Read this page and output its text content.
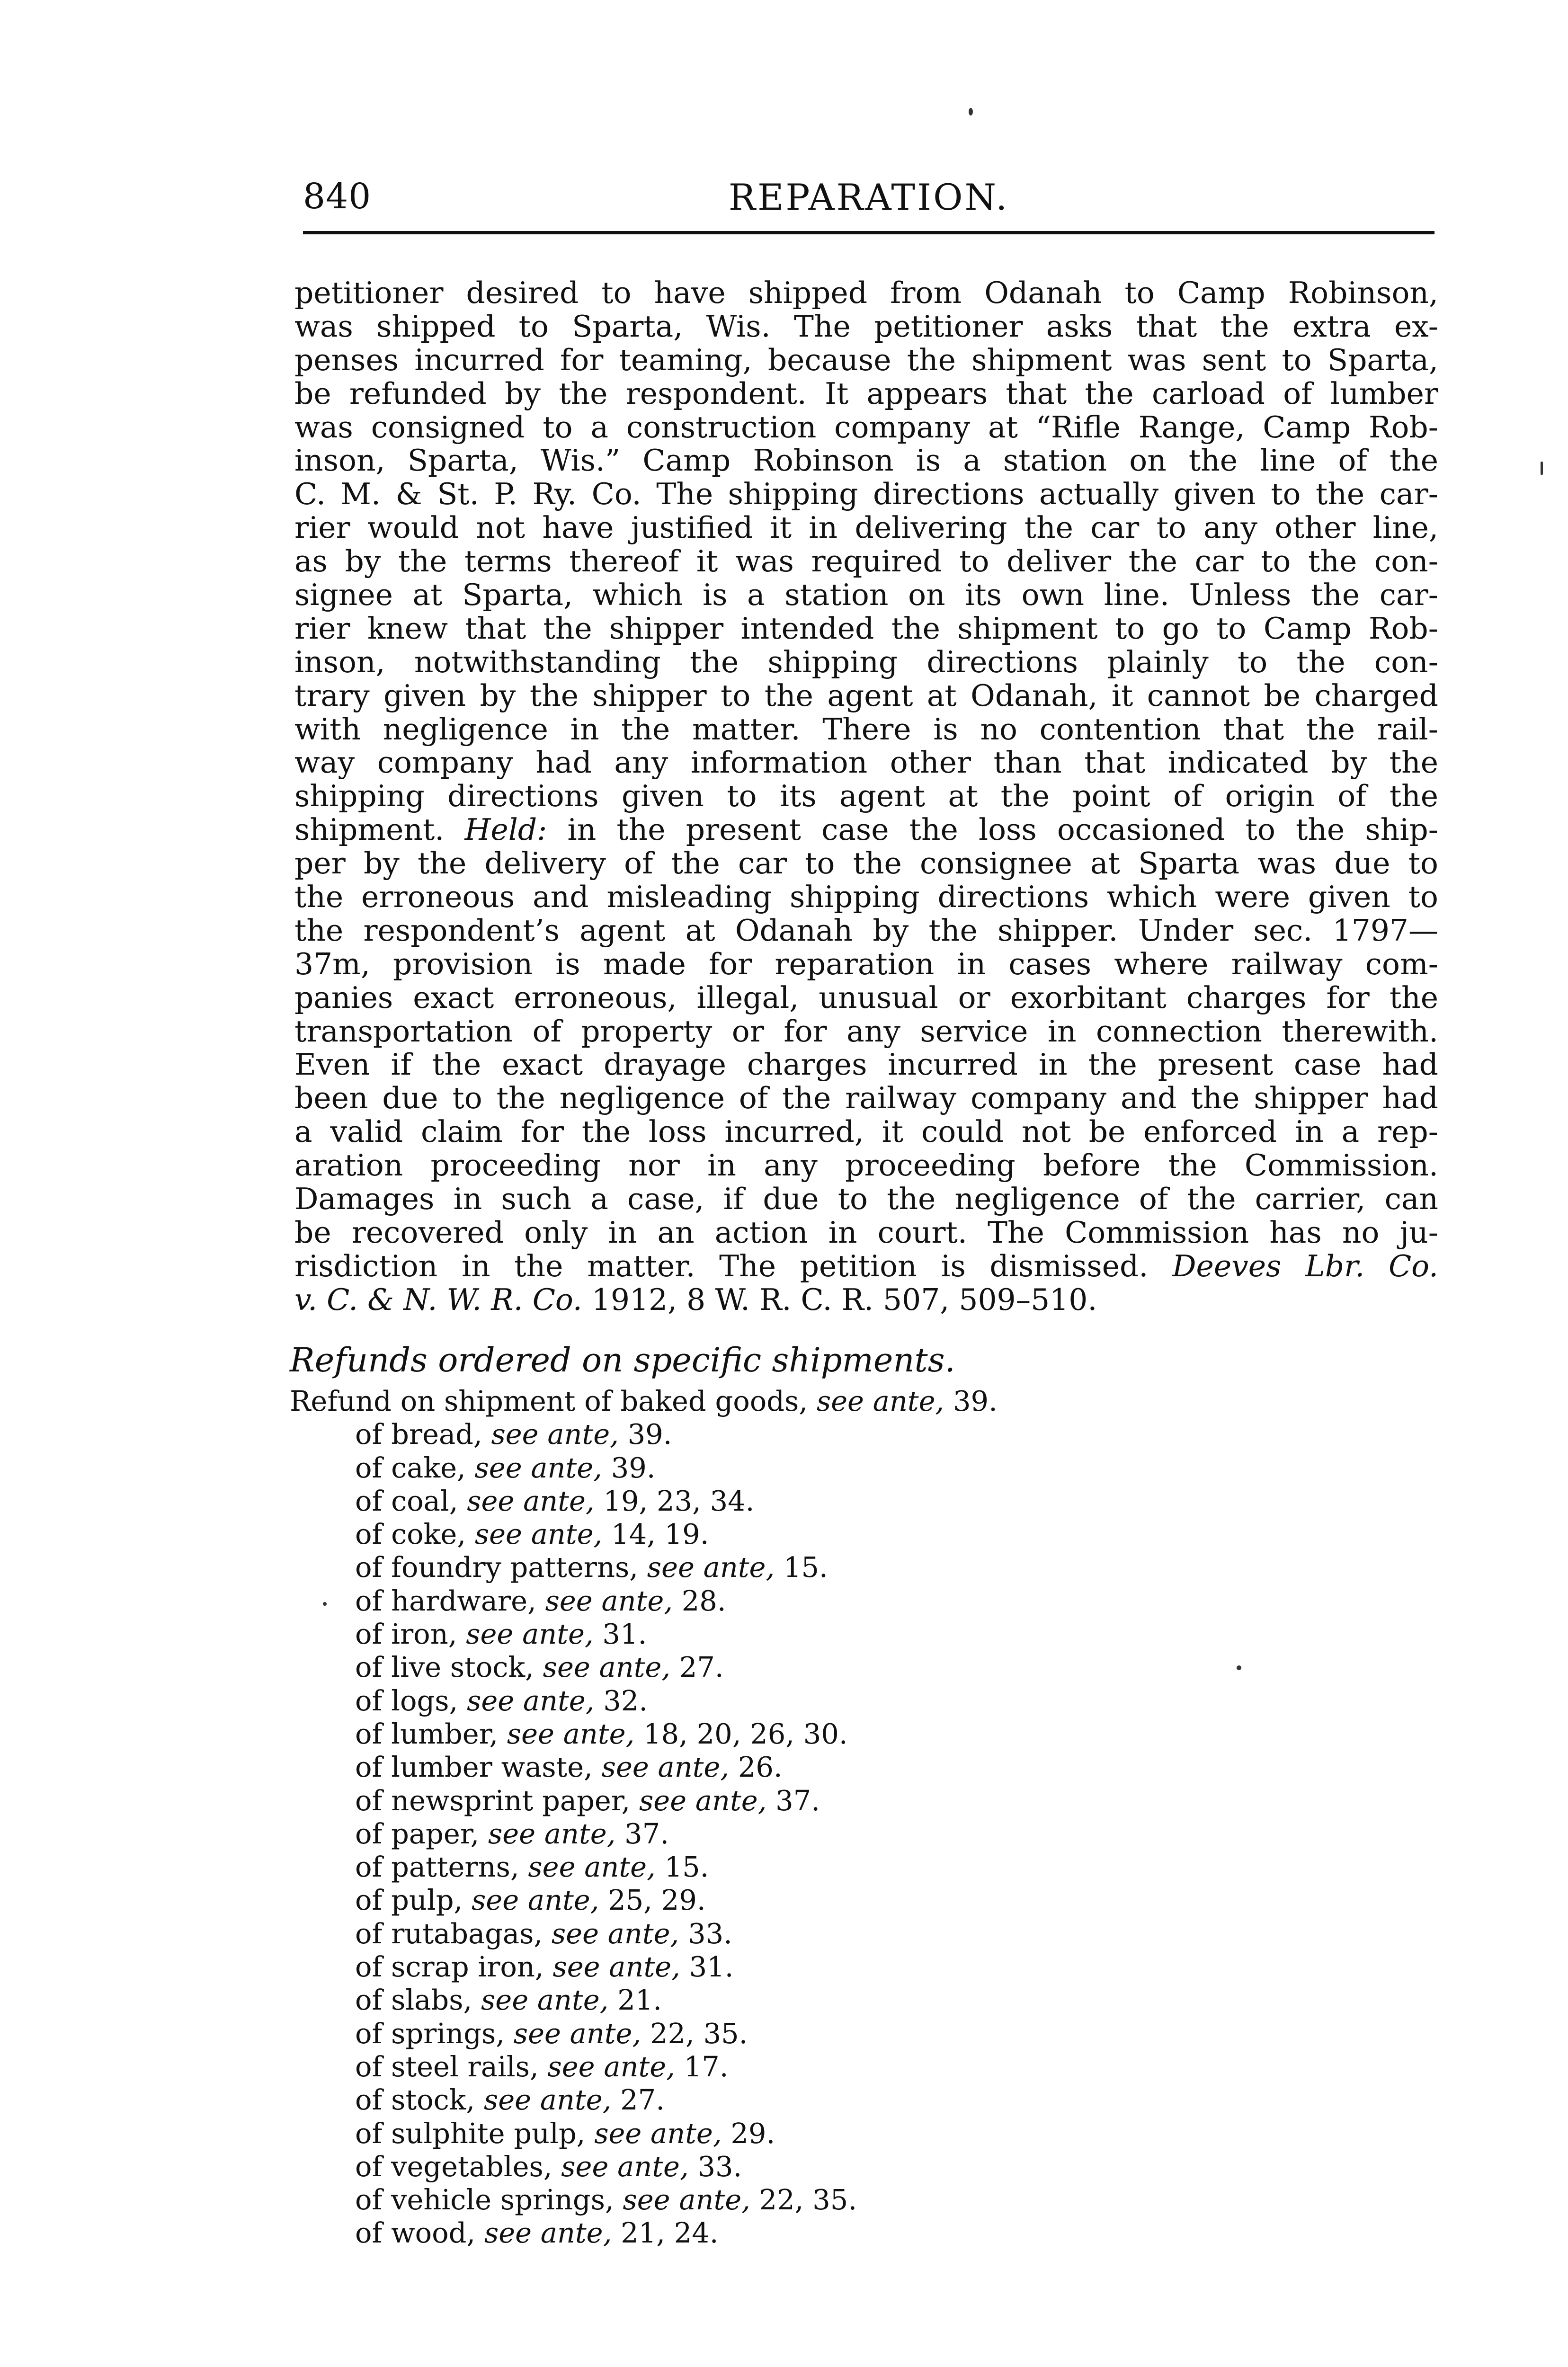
840	REPARATION.
petitioner desired to have shipped from Odanah to Camp Robinson,
was shipped to Sparta, Wis. The petitioner asks that the extra ex-
penses incurred for teaming, because the shipment was sent to Sparta,
be refunded by the respondent. It appears that the carload of lumber
was consigned to a construction company at “Rifle Range, Camp Rob-
inson, Sparta, Wis.” Camp Robinson is a station on the line of the
C. M. & St. P. Ry. Co. The shipping directions actually given to the car-
rier would not have justified it in delivering the car to any other line,
as by the terms thereof it was required to deliver the car to the con-
signee at Sparta, which is a station on its own line. Unless the car-
rier knew that the shipper intended the shipment to go to Camp Rob-
inson, notwithstanding the shipping directions plainly to the con-
trary given by the shipper to the agent at Odanah, it cannot be charged
with negligence in the matter. There is no contention that the rail-
way company had any information other than that indicated by the
shipping directions given to its agent at the point of origin of the
shipment. Held: in the present case the loss occasioned to the ship-
per by the delivery of the car to the consignee at Sparta was due to
the erroneous and misleading shipping directions which were given to
the respondent’s agent at Odanah by the shipper. Under sec. 1797—
37m, provision is made for reparation in cases where railway com-
panies exact erroneous, illegal, unusual or exorbitant charges for the
transportation of property or for any service in connection therewith.
Even if the exact drayage charges incurred in the present case had
been due to the negligence of the railway company and the shipper had
a valid claim for the loss incurred, it could not be enforced in a rep-
aration proceeding nor in any proceeding before the Commission.
Damages in such a case, if due to the negligence of the carrier, can
be recovered only in an action in court. The Commission has no ju-
risdiction in the matter. The petition is dismissed. Deeves Lbr. Co.
v. C. & N. W. R. Co. 1912, 8 W. R. C. R. 507, 509–510.
Refunds ordered on specific shipments.
Refund on shipment of baked goods, see ante, 39.
of bread, see ante, 39.
of cake, see ante, 39.
of coal, see ante, 19, 23, 34.
of coke, see ante, 14, 19.
of foundry patterns, see ante, 15.
of hardware, see ante, 28.
of iron, see ante, 31.
of live stock, see ante, 27.
of logs, see ante, 32.
of lumber, see ante, 18, 20, 26, 30.
of lumber waste, see ante, 26.
of newsprint paper, see ante, 37.
of paper, see ante, 37.
of patterns, see ante, 15.
of pulp, see ante, 25, 29.
of rutabagas, see ante, 33.
of scrap iron, see ante, 31.
of slabs, see ante, 21.
of springs, see ante, 22, 35.
of steel rails, see ante, 17.
of stock, see ante, 27.
of sulphite pulp, see ante, 29.
of vegetables, see ante, 33.
of vehicle springs, see ante, 22, 35.
of wood, see ante, 21, 24.
